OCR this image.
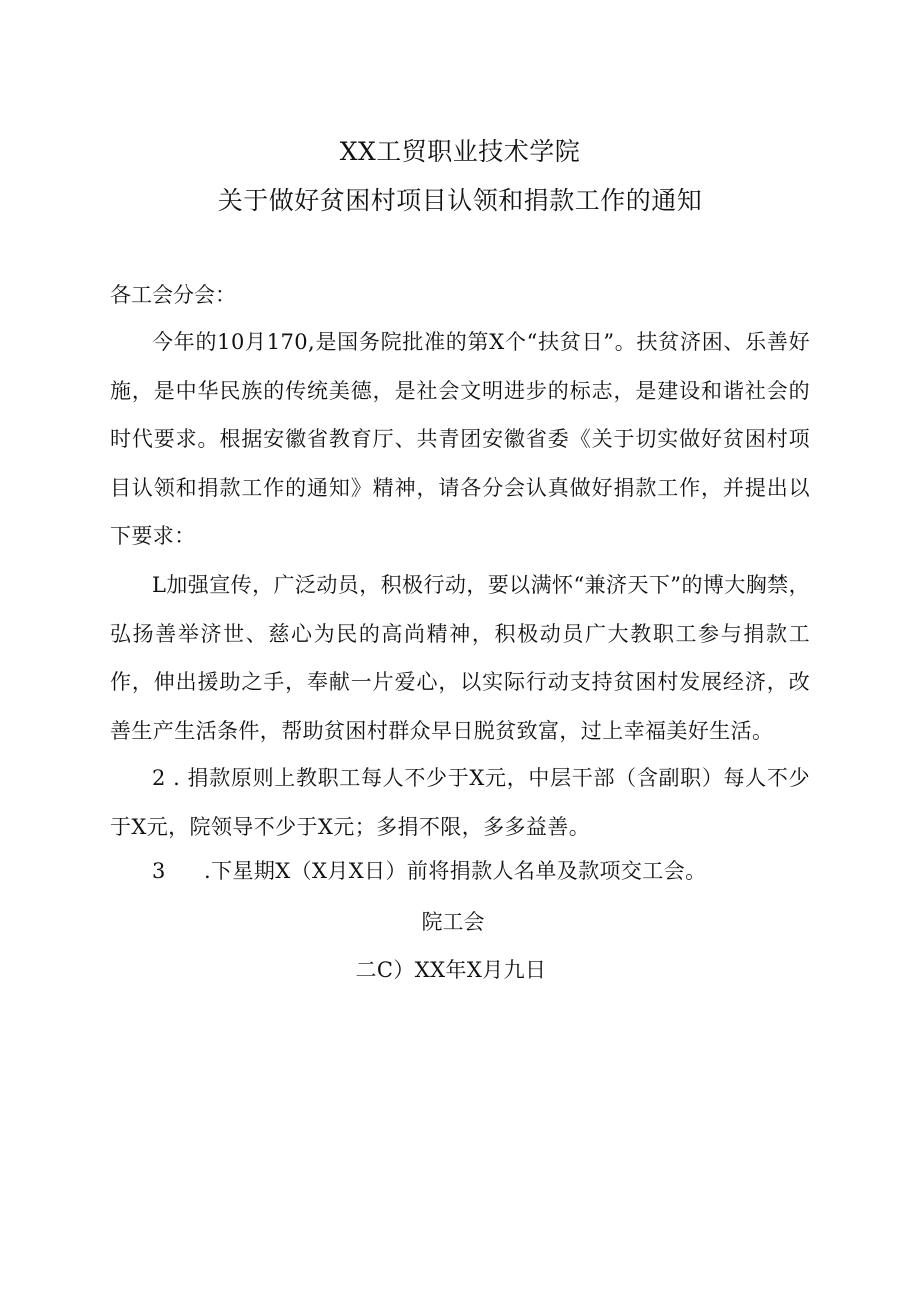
XX工贸职业技术学院
关于做好贫困村项目认领和捐款工作的通知

各工会分会：

今年的10月170,是国务院批准的第X个“扶贫日”。扶贫济困、乐善好施，是中华民族的传统美德，是社会文明进步的标志，是建设和谐社会的时代要求。根据安徽省教育厅、共青团安徽省委《关于切实做好贫困村项目认领和捐款工作的通知》精神，请各分会认真做好捐款工作，并提出以下要求：

L加强宣传，广泛动员，积极行动，要以满怀“兼济天下”的博大胸禁，弘扬善举济世、慈心为民的高尚精神，积极动员广大教职工参与捐款工作，伸出援助之手，奉献一片爱心，以实际行动支持贫困村发展经济，改善生产生活条件，帮助贫困村群众早日脱贫致富，过上幸福美好生活。

2 . 捐款原则上教职工每人不少于X元，中层干部（含副职）每人不少于X元，院领导不少于X元；多捐不限，多多益善。

3 .下星期X（X月X日）前将捐款人名单及款项交工会。

院工会

二C）XX年X月九日
